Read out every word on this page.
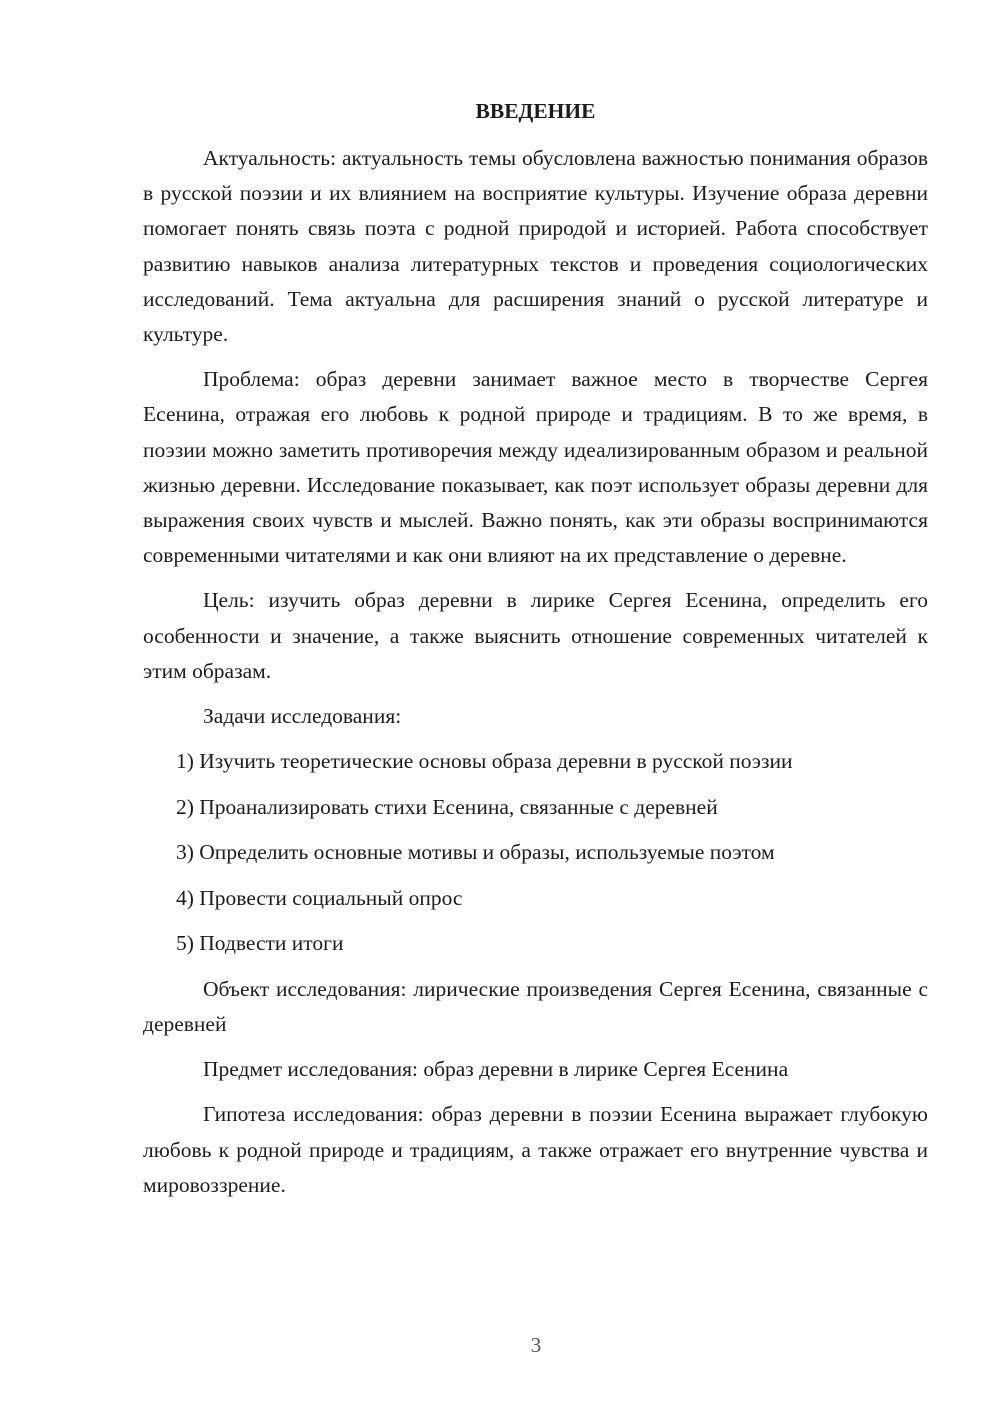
ВВЕДЕНИЕ

Актуальность: актуальность темы обусловлена важностью понимания образов в русской поэзии и их влиянием на восприятие культуры. Изучение образа деревни помогает понять связь поэта с родной природой и историей. Работа способствует развитию навыков анализа литературных текстов и проведения социологических исследований. Тема актуальна для расширения знаний о русской литературе и культуре.

Проблема: образ деревни занимает важное место в творчестве Сергея Есенина, отражая его любовь к родной природе и традициям. В то же время, в поэзии можно заметить противоречия между идеализированным образом и реальной жизнью деревни. Исследование показывает, как поэт использует образы деревни для выражения своих чувств и мыслей. Важно понять, как эти образы воспринимаются современными читателями и как они влияют на их представление о деревне.

Цель: изучить образ деревни в лирике Сергея Есенина, определить его особенности и значение, а также выяснить отношение современных читателей к этим образам.

Задачи исследования:

1) Изучить теоретические основы образа деревни в русской поэзии

2) Проанализировать стихи Есенина, связанные с деревней

3) Определить основные мотивы и образы, используемые поэтом

4) Провести социальный опрос

5) Подвести итоги

Объект исследования: лирические произведения Сергея Есенина, связанные с деревней

Предмет исследования: образ деревни в лирике Сергея Есенина

Гипотеза исследования: образ деревни в поэзии Есенина выражает глубокую любовь к родной природе и традициям, а также отражает его внутренние чувства и мировоззрение.

3
